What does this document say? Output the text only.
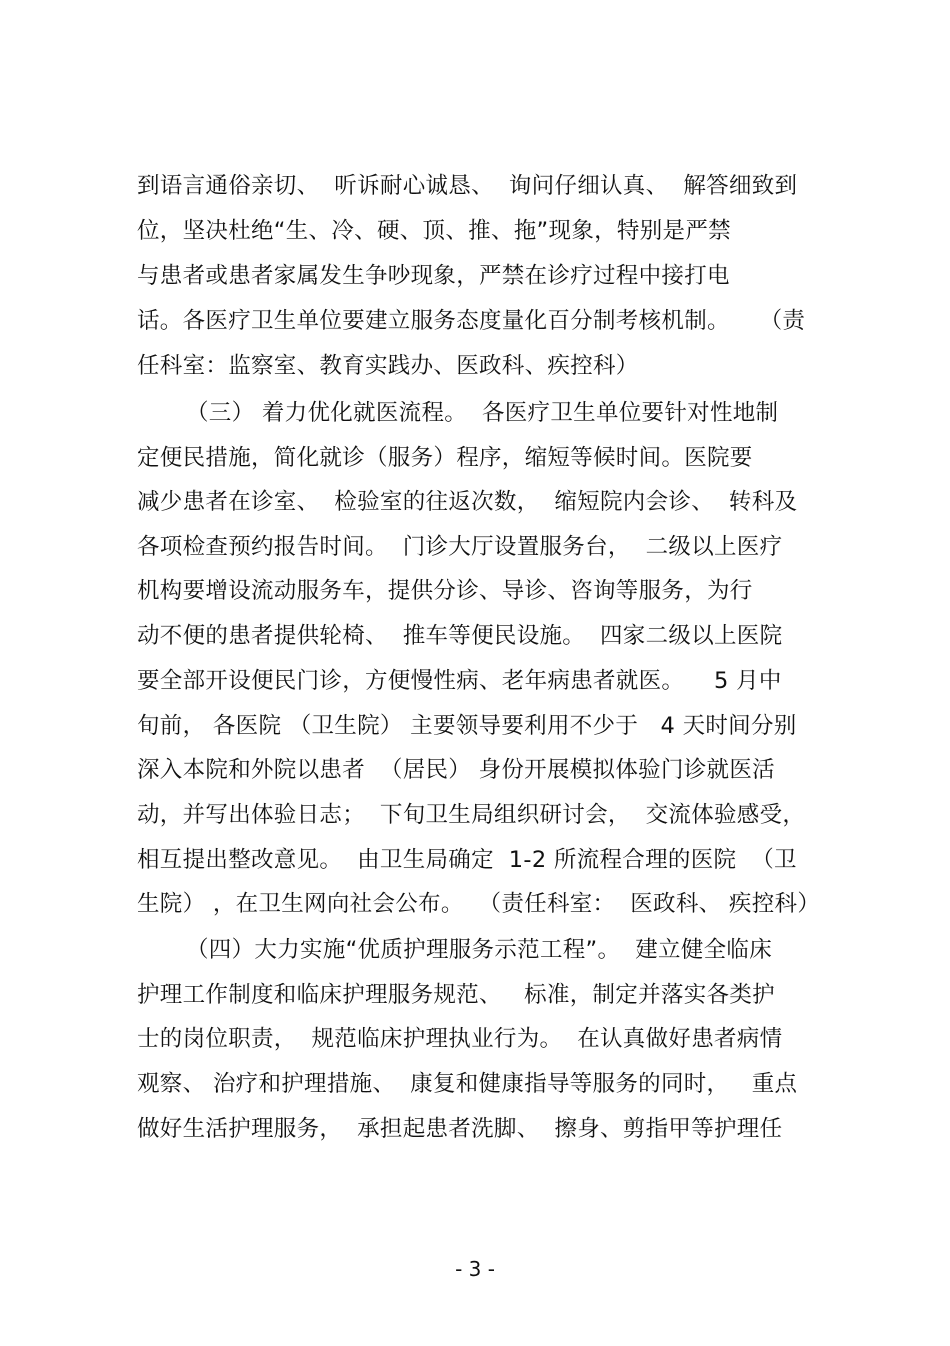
到语言通俗亲切、  听诉耐心诚恳、  询问仔细认真、  解答细致到
位，坚决杜绝“生、冷、硬、顶、推、拖”现象，特别是严禁
与患者或患者家属发生争吵现象，严禁在诊疗过程中接打电
话。各医疗卫生单位要建立服务态度量化百分制考核机制。    （责
任科室：监察室、教育实践办、医政科、疾控科）
（三） 着力优化就医流程。  各医疗卫生单位要针对性地制
定便民措施，简化就诊（服务）程序，缩短等候时间。医院要
减少患者在诊室、  检验室的往返次数，  缩短院内会诊、  转科及
各项检查预约报告时间。  门诊大厅设置服务台，  二级以上医疗
机构要增设流动服务车，提供分诊、导诊、咨询等服务，为行
动不便的患者提供轮椅、  推车等便民设施。  四家二级以上医院
要全部开设便民门诊，方便慢性病、老年病患者就医。    5 月中
旬前， 各医院 （卫生院） 主要领导要利用不少于   4 天时间分别
深入本院和外院以患者  （居民） 身份开展模拟体验门诊就医活
动，并写出体验日志；  下旬卫生局组织研讨会，  交流体验感受，
相互提出整改意见。  由卫生局确定  1-2 所流程合理的医院  （卫
生院） ，在卫生网向社会公布。  （责任科室：  医政科、 疾控科）
（四）大力实施“优质护理服务示范工程”。  建立健全临床
护理工作制度和临床护理服务规范、   标准，制定并落实各类护
士的岗位职责，  规范临床护理执业行为。  在认真做好患者病情
观察、 治疗和护理措施、  康复和健康指导等服务的同时，   重点
做好生活护理服务，  承担起患者洗脚、  擦身、剪指甲等护理任
- 3 -
